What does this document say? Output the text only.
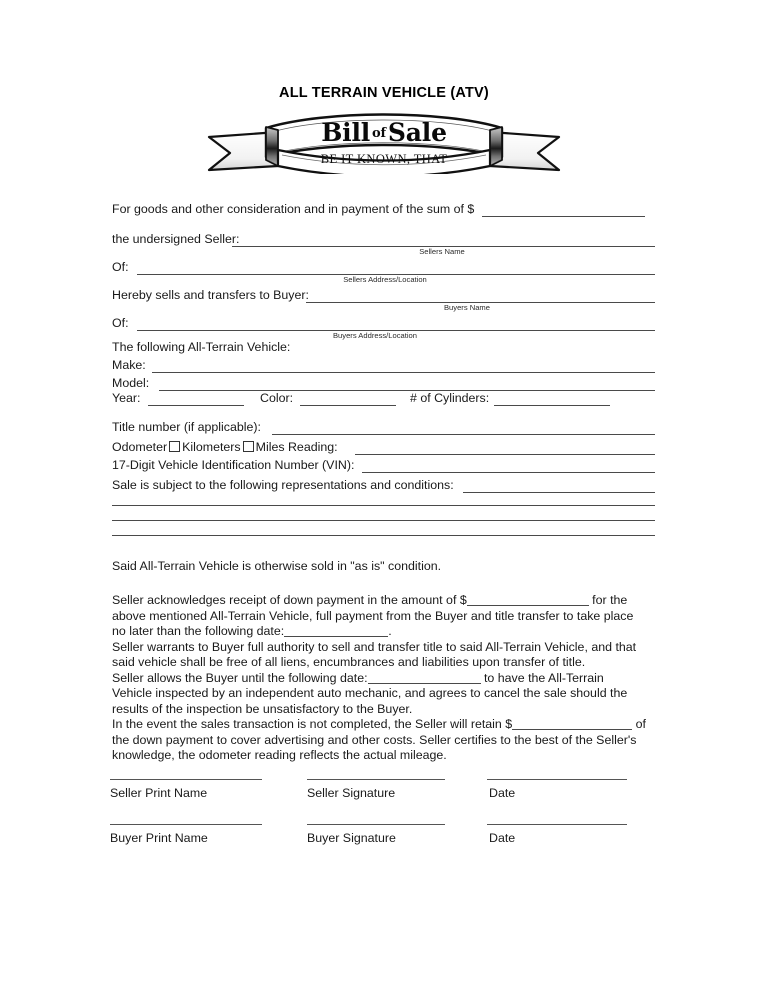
ALL TERRAIN VEHICLE (ATV)
Bill ofSale
BE IT KNOWN, THAT
For goods and other consideration and in payment of the sum of $
the undersigned Seller:
Sellers Name
Of:
Sellers Address/Location
Hereby sells and transfers to Buyer:
Buyers Name
Of:
Buyers Address/Location
The following All-Terrain Vehicle:
Make:
Model:
Year:	Color:	# of Cylinders:
Title number (if applicable):
Odometer Kilometers Miles Reading:
17-Digit Vehicle Identification Number (VIN):
Sale is subject to the following representations and conditions:
Said All-Terrain Vehicle is otherwise sold in "as is" condition.
Seller acknowledges receipt of down payment in the amount of $	for the
above mentioned All-Terrain Vehicle, full payment from the Buyer and title transfer to take place
no later than the following date:	.
Seller warrants to Buyer full authority to sell and transfer title to said All-Terrain Vehicle, and that
said vehicle shall be free of all liens, encumbrances and liabilities upon transfer of title.
Seller allows the Buyer until the following date:	to have the All-Terrain
Vehicle inspected by an independent auto mechanic, and agrees to cancel the sale should the
results of the inspection be unsatisfactory to the Buyer.
In the event the sales transaction is not completed, the Seller will retain $	of
the down payment to cover advertising and other costs. Seller certifies to the best of the Seller's
knowledge, the odometer reading reflects the actual mileage.
Seller Print Name	Seller Signature	Date
Buyer Print Name	Buyer Signature	Date
